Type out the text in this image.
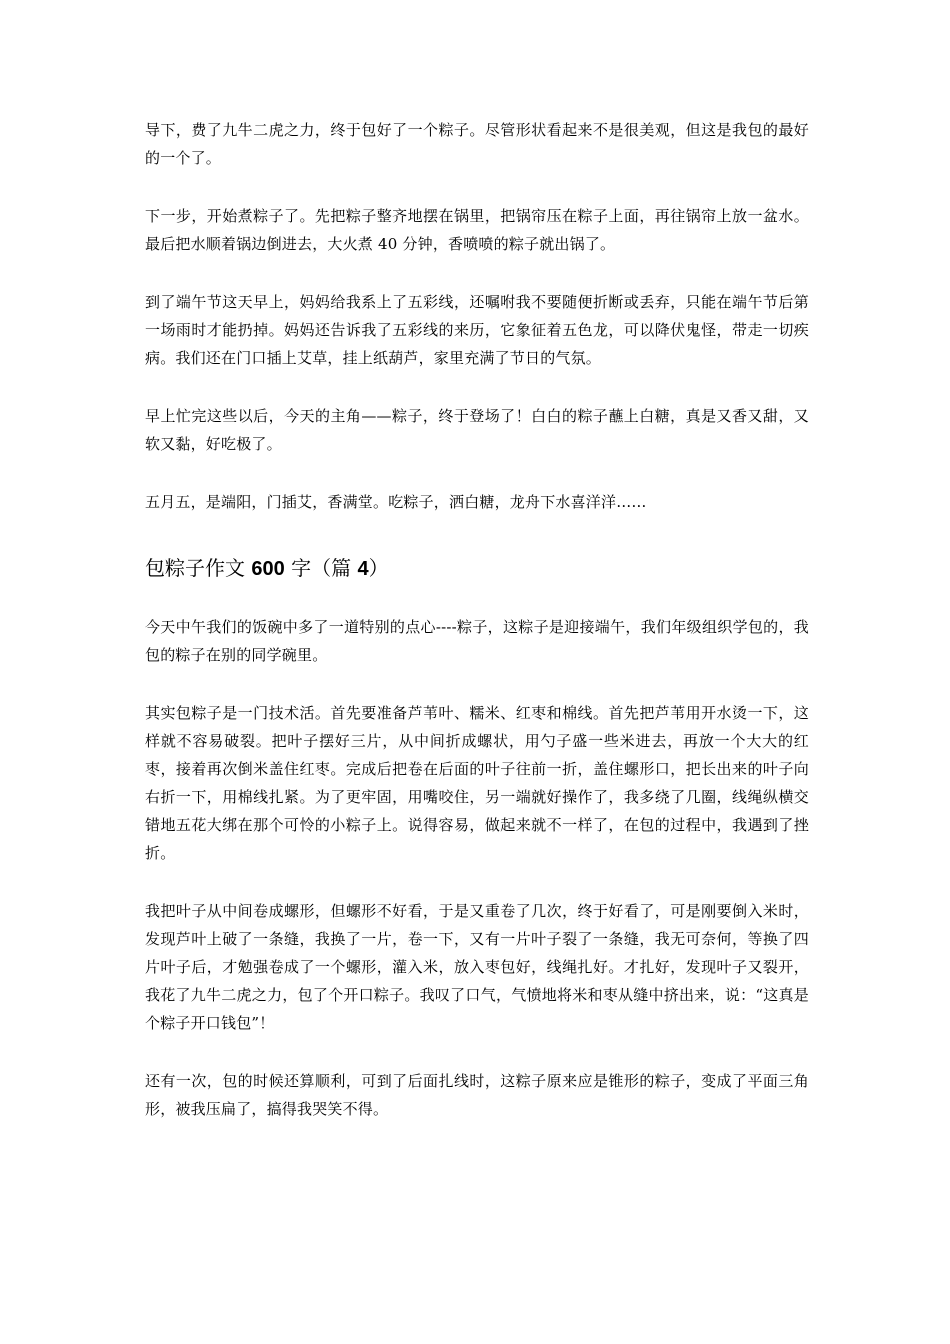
导下，费了九牛二虎之力，终于包好了一个粽子。尽管形状看起来不是很美观，但这是我包的最好的一个了。

下一步，开始煮粽子了。先把粽子整齐地摆在锅里，把锅帘压在粽子上面，再往锅帘上放一盆水。最后把水顺着锅边倒进去，大火煮 40 分钟，香喷喷的粽子就出锅了。

到了端午节这天早上，妈妈给我系上了五彩线，还嘱咐我不要随便折断或丢弃，只能在端午节后第一场雨时才能扔掉。妈妈还告诉我了五彩线的来历，它象征着五色龙，可以降伏鬼怪，带走一切疾病。我们还在门口插上艾草，挂上纸葫芦，家里充满了节日的气氛。

早上忙完这些以后，今天的主角——粽子，终于登场了！白白的粽子蘸上白糖，真是又香又甜，又软又黏，好吃极了。

五月五，是端阳，门插艾，香满堂。吃粽子，洒白糖，龙舟下水喜洋洋……

包粽子作文 600 字（篇 4）

今天中午我们的饭碗中多了一道特别的点心----粽子，这粽子是迎接端午，我们年级组织学包的，我包的粽子在别的同学碗里。

其实包粽子是一门技术活。首先要准备芦苇叶、糯米、红枣和棉线。首先把芦苇用开水烫一下，这样就不容易破裂。把叶子摆好三片，从中间折成螺状，用勺子盛一些米进去，再放一个大大的红枣，接着再次倒米盖住红枣。完成后把卷在后面的叶子往前一折，盖住螺形口，把长出来的叶子向右折一下，用棉线扎紧。为了更牢固，用嘴咬住，另一端就好操作了，我多绕了几圈，线绳纵横交错地五花大绑在那个可怜的小粽子上。说得容易，做起来就不一样了，在包的过程中，我遇到了挫折。

我把叶子从中间卷成螺形，但螺形不好看，于是又重卷了几次，终于好看了，可是刚要倒入米时，发现芦叶上破了一条缝，我换了一片，卷一下，又有一片叶子裂了一条缝，我无可奈何，等换了四片叶子后，才勉强卷成了一个螺形，灌入米，放入枣包好，线绳扎好。才扎好，发现叶子又裂开，我花了九牛二虎之力，包了个开口粽子。我叹了口气，气愤地将米和枣从缝中挤出来，说：“这真是个粽子开口钱包”！

还有一次，包的时候还算顺利，可到了后面扎线时，这粽子原来应是锥形的粽子，变成了平面三角形，被我压扁了，搞得我哭笑不得。
